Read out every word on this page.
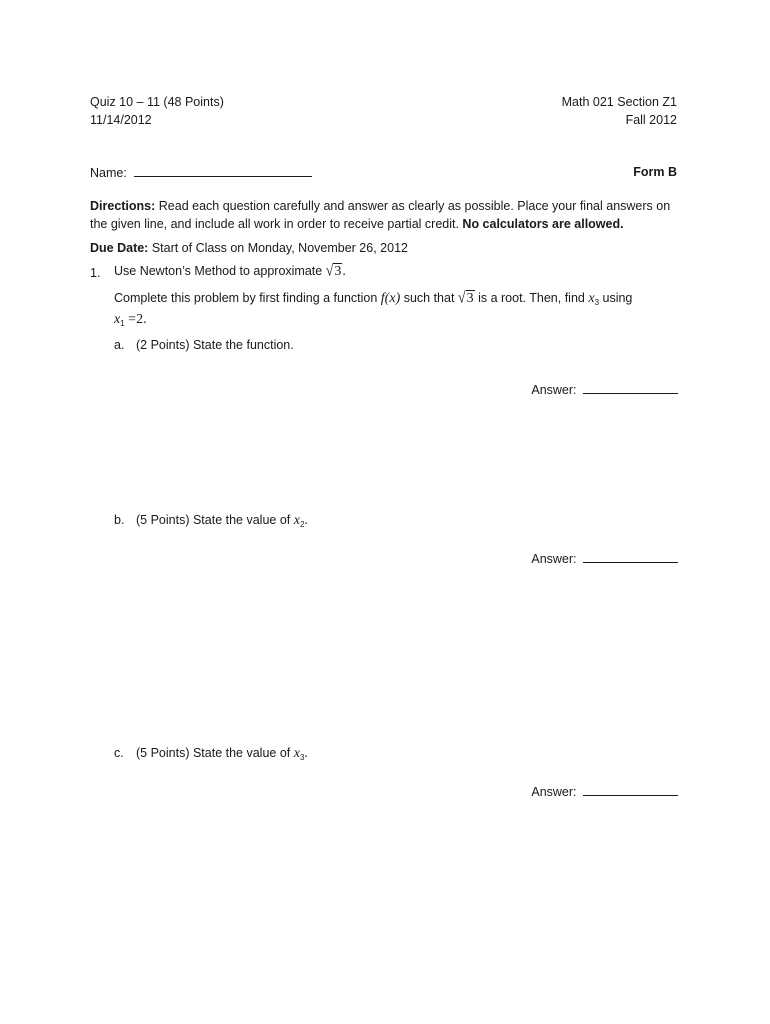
Quiz 10 – 11 (48 Points)
11/14/2012
Math 021 Section Z1
Fall 2012
Name:	Form B
Directions: Read each question carefully and answer as clearly as possible. Place your final answers on
the given line, and include all work in order to receive partial credit. No calculators are allowed.
Due Date: Start of Class on Monday, November 26, 2012
1. Use Newton’s Method to approximate √3.
Complete this problem by first finding a function f(x) such that √3 is a root. Then, find $x_3$ using
$x_1 =2$.
a. (2 Points) State the function.
Answer:
b. (5 Points) State the value of $x_2$.
Answer:
c. (5 Points) State the value of $x_3$.
Answer:
